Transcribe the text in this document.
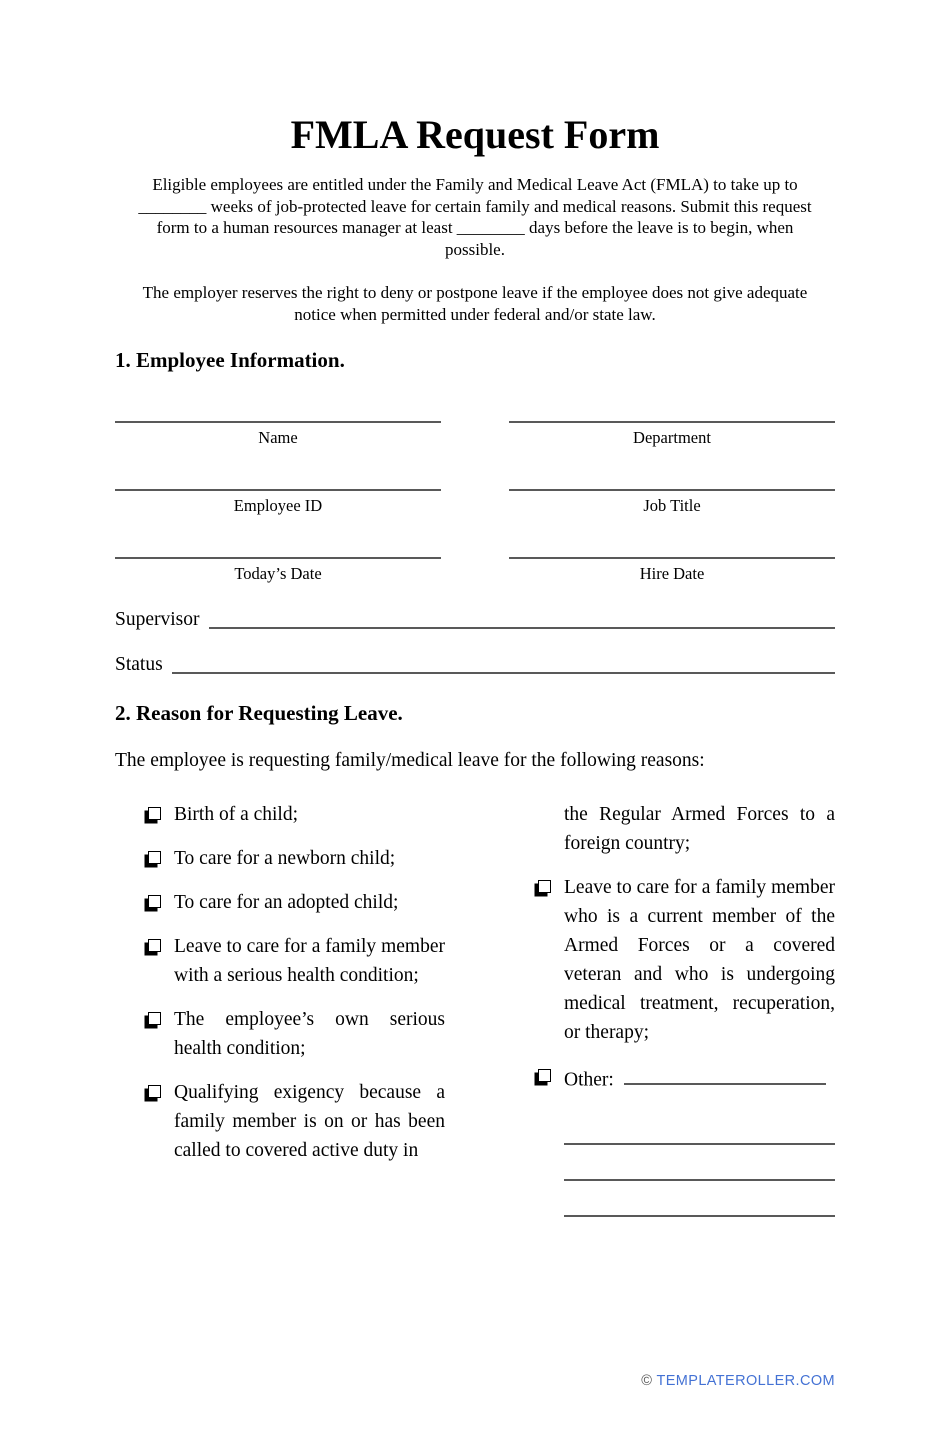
FMLA Request Form
Eligible employees are entitled under the Family and Medical Leave Act (FMLA) to take up to
________ weeks of job-protected leave for certain family and medical reasons. Submit this request
form to a human resources manager at least ________ days before the leave is to begin, when
possible.
The employer reserves the right to deny or postpone leave if the employee does not give adequate
notice when permitted under federal and/or state law.
1. Employee Information.
Name	Department
Employee ID	Job Title
Today’s Date	Hire Date
Supervisor
Status
2. Reason for Requesting Leave.
The employee is requesting family/medical leave for the following reasons:
Birth of a child;
To care for a newborn child;
To care for an adopted child;
Leave to care for a family member with a serious health condition;
The employee’s own serious health condition;
Qualifying exigency because a family member is on or has been called to covered active duty in
the Regular Armed Forces to a foreign country;
Leave to care for a family member who is a current member of the Armed Forces or a covered veteran and who is undergoing medical treatment, recuperation, or therapy;
Other:
© TEMPLATEROLLER.COM
